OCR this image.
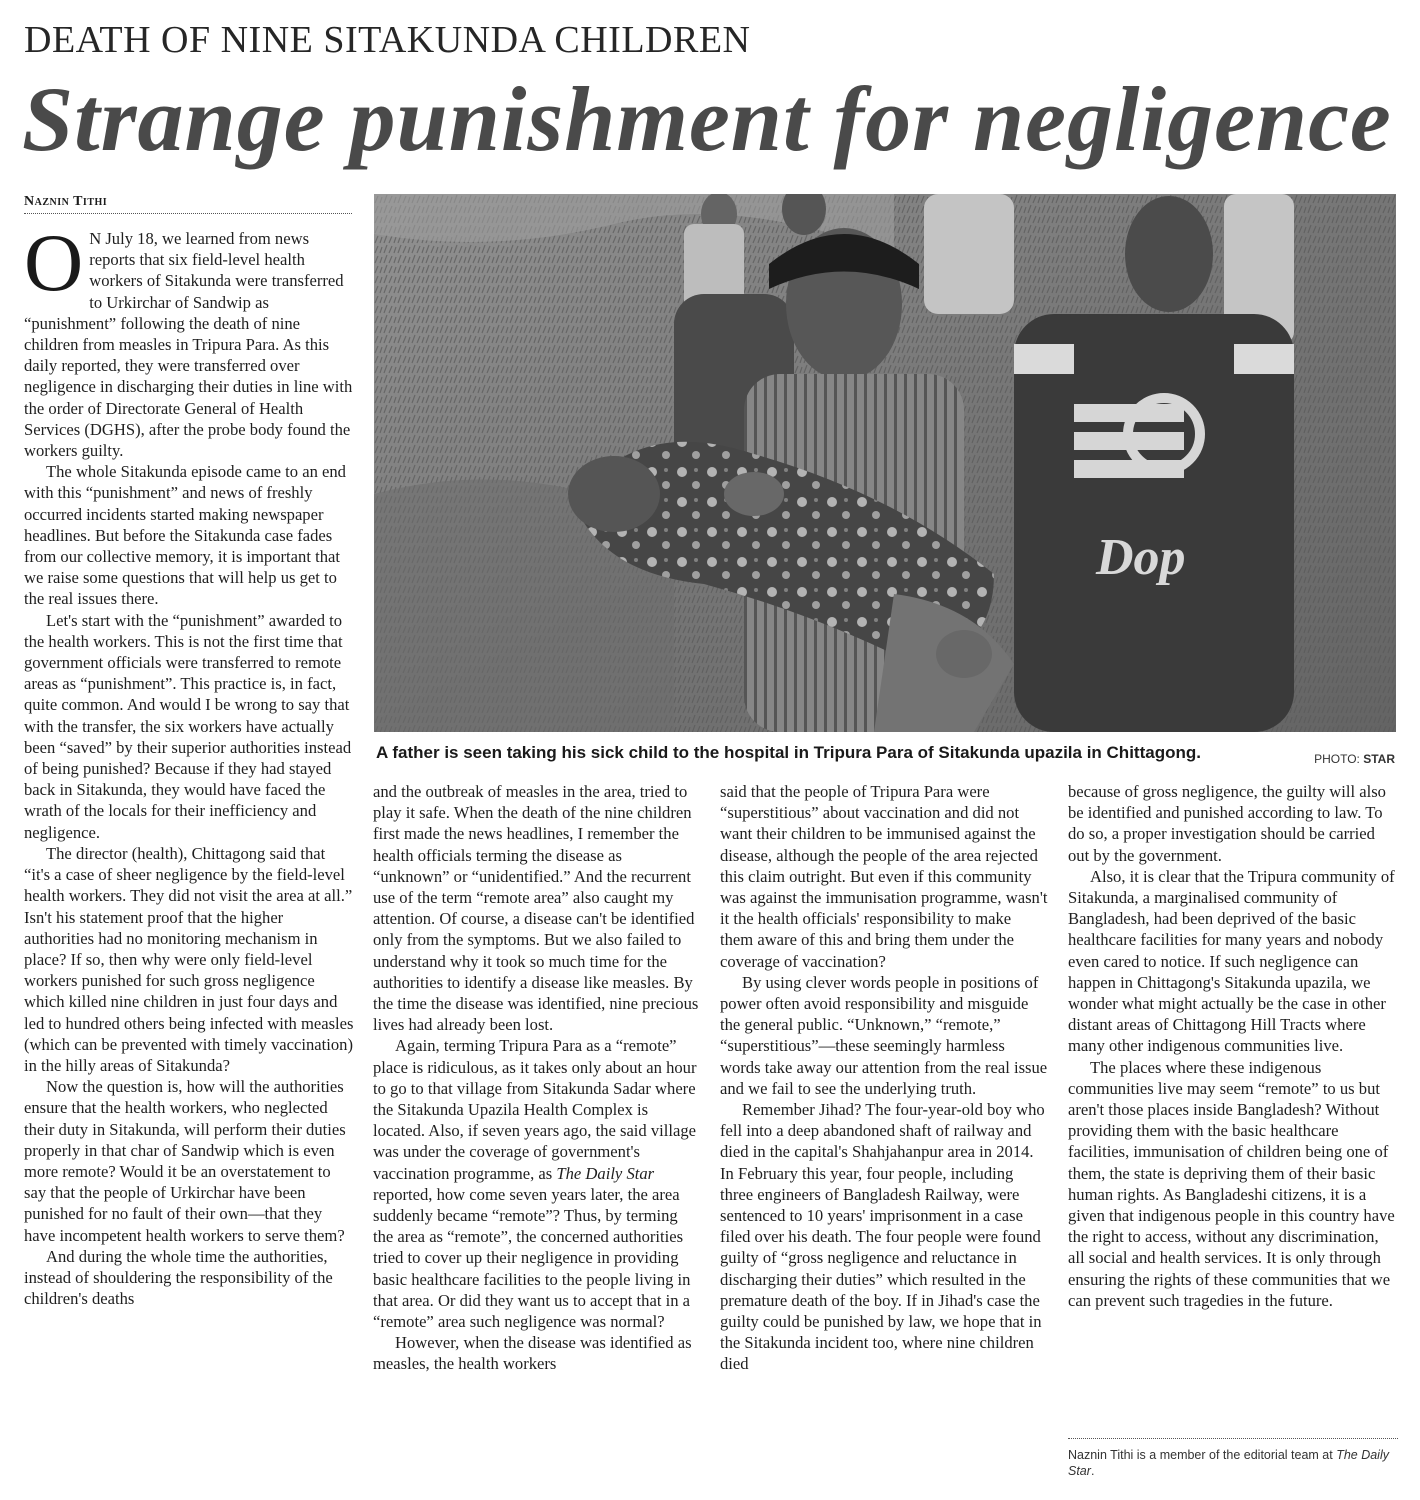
DEATH OF NINE SITAKUNDA CHILDREN
Strange punishment for negligence
Naznin Tithi

O N July 18, we learned from news reports that six field-level health workers of Sitakunda were transferred to Urkirchar of Sandwip as “punishment” following the death of nine children from measles in Tripura Para. As this daily reported, they were transferred over negligence in discharging their duties in line with the order of Directorate General of Health Services (DGHS), after the probe body found the workers guilty.

The whole Sitakunda episode came to an end with this “punishment” and news of freshly occurred incidents started making newspaper headlines. But before the Sitakunda case fades from our collective memory, it is important that we raise some questions that will help us get to the real issues there.

Let's start with the “punishment” awarded to the health workers. This is not the first time that government officials were transferred to remote areas as “punishment”. This practice is, in fact, quite common. And would I be wrong to say that with the transfer, the six workers have actually been “saved” by their superior authorities instead of being punished? Because if they had stayed back in Sitakunda, they would have faced the wrath of the locals for their inefficiency and negligence.

The director (health), Chittagong said that “it's a case of sheer negligence by the field-level health workers. They did not visit the area at all.” Isn't his statement proof that the higher authorities had no monitoring mechanism in place? If so, then why were only field-level workers punished for such gross negligence which killed nine children in just four days and led to hundred others being infected with measles (which can be prevented with timely vaccination) in the hilly areas of Sitakunda?

Now the question is, how will the authorities ensure that the health workers, who neglected their duty in Sitakunda, will perform their duties properly in that char of Sandwip which is even more remote? Would it be an overstatement to say that the people of Urkirchar have been punished for no fault of their own—that they have incompetent health workers to serve them?

And during the whole time the authorities, instead of shouldering the responsibility of the children's deaths

Dop
A father is seen taking his sick child to the hospital in Tripura Para of Sitakunda upazila in Chittagong.	PHOTO: STAR

and the outbreak of measles in the area, tried to play it safe. When the death of the nine children first made the news headlines, I remember the health officials terming the disease as “unknown” or “unidentified.” And the recurrent use of the term “remote area” also caught my attention. Of course, a disease can't be identified only from the symptoms. But we also failed to understand why it took so much time for the authorities to identify a disease like measles. By the time the disease was identified, nine precious lives had already been lost.

Again, terming Tripura Para as a “remote” place is ridiculous, as it takes only about an hour to go to that village from Sitakunda Sadar where the Sitakunda Upazila Health Complex is located. Also, if seven years ago, the said village was under the coverage of government's vaccination programme, as The Daily Star reported, how come seven years later, the area suddenly became “remote”? Thus, by terming the area as “remote”, the concerned authorities tried to cover up their negligence in providing basic healthcare facilities to the people living in that area. Or did they want us to accept that in a “remote” area such negligence was normal?

However, when the disease was identified as measles, the health workers

said that the people of Tripura Para were “superstitious” about vaccination and did not want their children to be immunised against the disease, although the people of the area rejected this claim outright. But even if this community was against the immunisation programme, wasn't it the health officials' responsibility to make them aware of this and bring them under the coverage of vaccination?

By using clever words people in positions of power often avoid responsibility and misguide the general public. “Unknown,” “remote,” “superstitious”—these seemingly harmless words take away our attention from the real issue and we fail to see the underlying truth.

Remember Jihad? The four-year-old boy who fell into a deep abandoned shaft of railway and died in the capital's Shahjahanpur area in 2014. In February this year, four people, including three engineers of Bangladesh Railway, were sentenced to 10 years' imprisonment in a case filed over his death. The four people were found guilty of “gross negligence and reluctance in discharging their duties” which resulted in the premature death of the boy. If in Jihad's case the guilty could be punished by law, we hope that in the Sitakunda incident too, where nine children died

because of gross negligence, the guilty will also be identified and punished according to law. To do so, a proper investigation should be carried out by the government.

Also, it is clear that the Tripura community of Sitakunda, a marginalised community of Bangladesh, had been deprived of the basic healthcare facilities for many years and nobody even cared to notice. If such negligence can happen in Chittagong's Sitakunda upazila, we wonder what might actually be the case in other distant areas of Chittagong Hill Tracts where many other indigenous communities live.

The places where these indigenous communities live may seem “remote” to us but aren't those places inside Bangladesh? Without providing them with the basic healthcare facilities, immunisation of children being one of them, the state is depriving them of their basic human rights. As Bangladeshi citizens, it is a given that indigenous people in this country have the right to access, without any discrimination, all social and health services. It is only through ensuring the rights of these communities that we can prevent such tragedies in the future.

Naznin Tithi is a member of the editorial team at The Daily Star.
